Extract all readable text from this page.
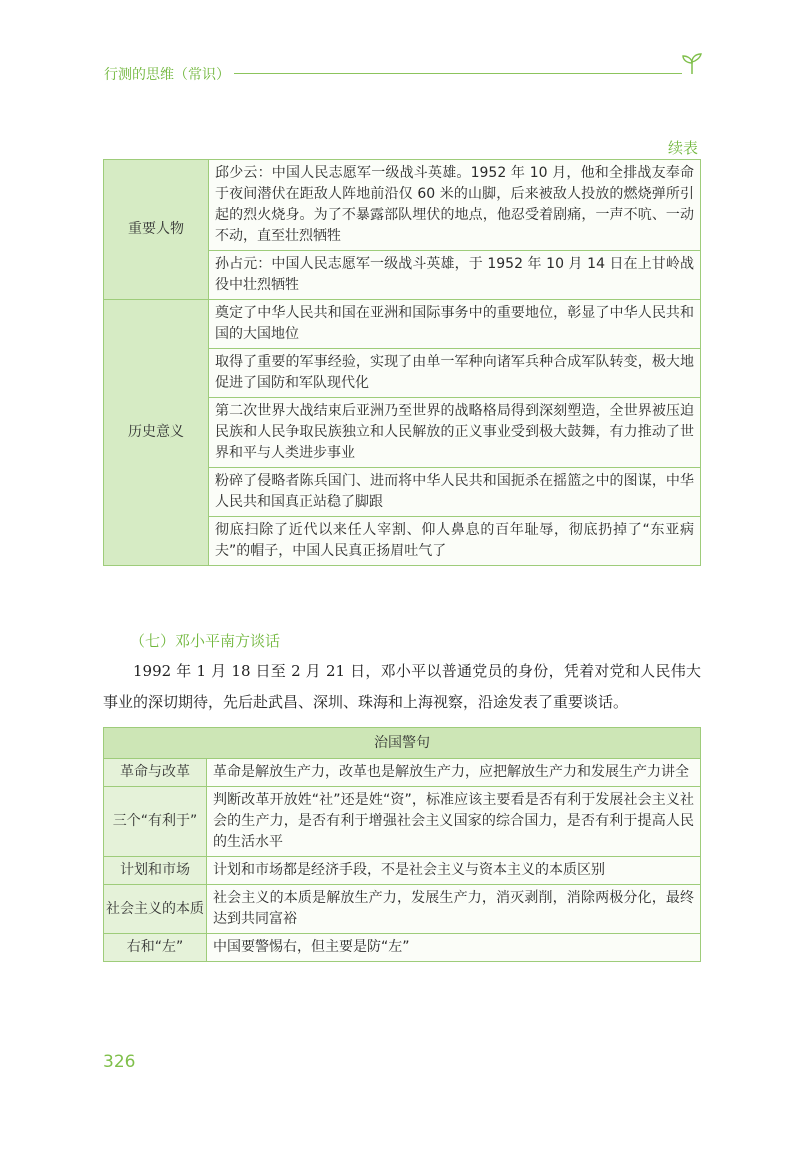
行测的思维（常识）
续表
重要人物	邱少云：中国人民志愿军一级战斗英雄。1952 年 10 月，他和全排战友奉命于夜间潜伏在距敌人阵地前沿仅 60 米的山脚，后来被敌人投放的燃烧弹所引起的烈火烧身。为了不暴露部队埋伏的地点，他忍受着剧痛，一声不吭、一动不动，直至壮烈牺牲
	孙占元：中国人民志愿军一级战斗英雄，于 1952 年 10 月 14 日在上甘岭战役中壮烈牺牲
历史意义	奠定了中华人民共和国在亚洲和国际事务中的重要地位，彰显了中华人民共和国的大国地位
	取得了重要的军事经验，实现了由单一军种向诸军兵种合成军队转变，极大地促进了国防和军队现代化
	第二次世界大战结束后亚洲乃至世界的战略格局得到深刻塑造，全世界被压迫民族和人民争取民族独立和人民解放的正义事业受到极大鼓舞，有力推动了世界和平与人类进步事业
	粉碎了侵略者陈兵国门、进而将中华人民共和国扼杀在摇篮之中的图谋，中华人民共和国真正站稳了脚跟
	彻底扫除了近代以来任人宰割、仰人鼻息的百年耻辱，彻底扔掉了“东亚病夫”的帽子，中国人民真正扬眉吐气了
（七）邓小平南方谈话

1992 年 1 月 18 日至 2 月 21 日，邓小平以普通党员的身份，凭着对党和人民伟大事业的深切期待，先后赴武昌、深圳、珠海和上海视察，沿途发表了重要谈话。

治国警句	
革命与改革	革命是解放生产力，改革也是解放生产力，应把解放生产力和发展生产力讲全
三个“有利于”	判断改革开放姓“社”还是姓“资”，标准应该主要看是否有利于发展社会主义社会的生产力，是否有利于增强社会主义国家的综合国力，是否有利于提高人民的生活水平
计划和市场	计划和市场都是经济手段，不是社会主义与资本主义的本质区别
社会主义的本质	社会主义的本质是解放生产力，发展生产力，消灭剥削，消除两极分化，最终达到共同富裕
右和“左”	中国要警惕右，但主要是防“左”
326
